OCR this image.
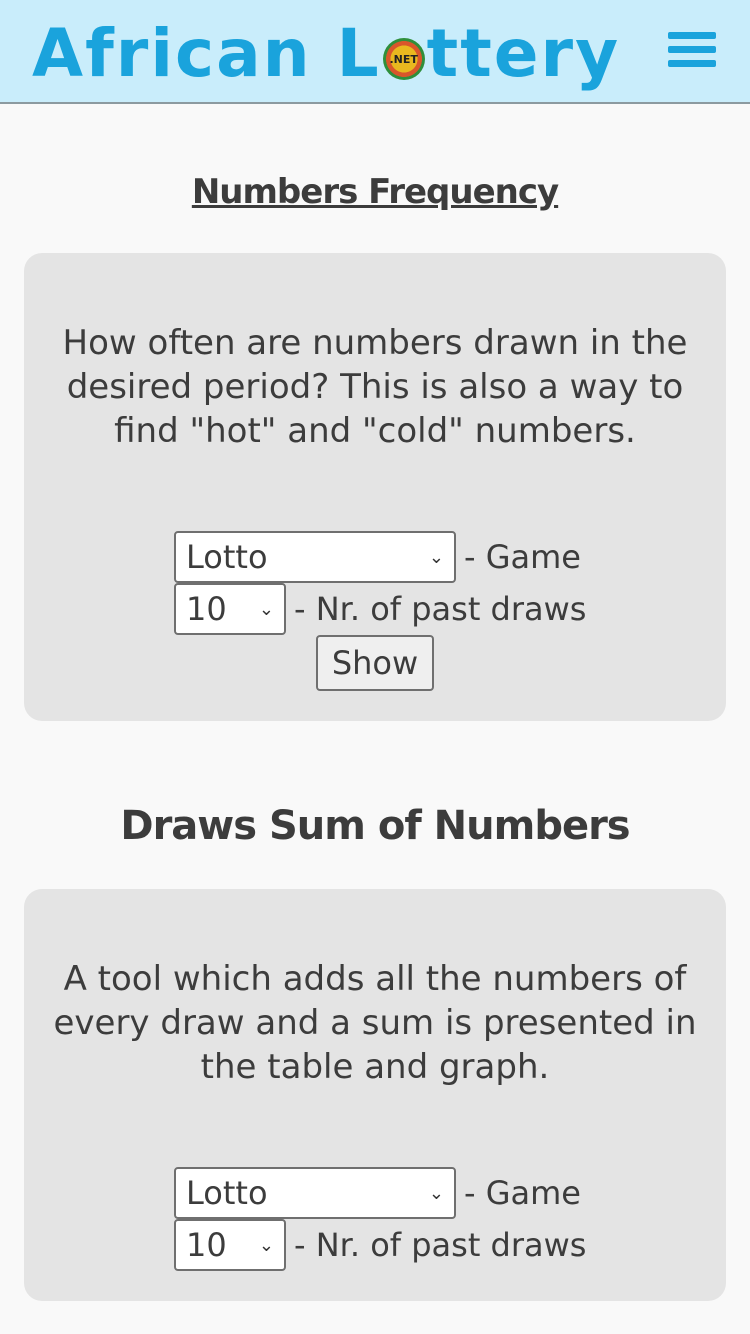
African L .NET ttery
Numbers Frequency
How often are numbers drawn in the desired period? This is also a way to find "hot" and "cold" numbers.
Lotto	⌄ - Game
10 ⌄ - Nr. of past draws
Show
Draws Sum of Numbers
A tool which adds all the numbers of every draw and a sum is presented in the table and graph.
Lotto	⌄ - Game
10 ⌄ - Nr. of past draws
